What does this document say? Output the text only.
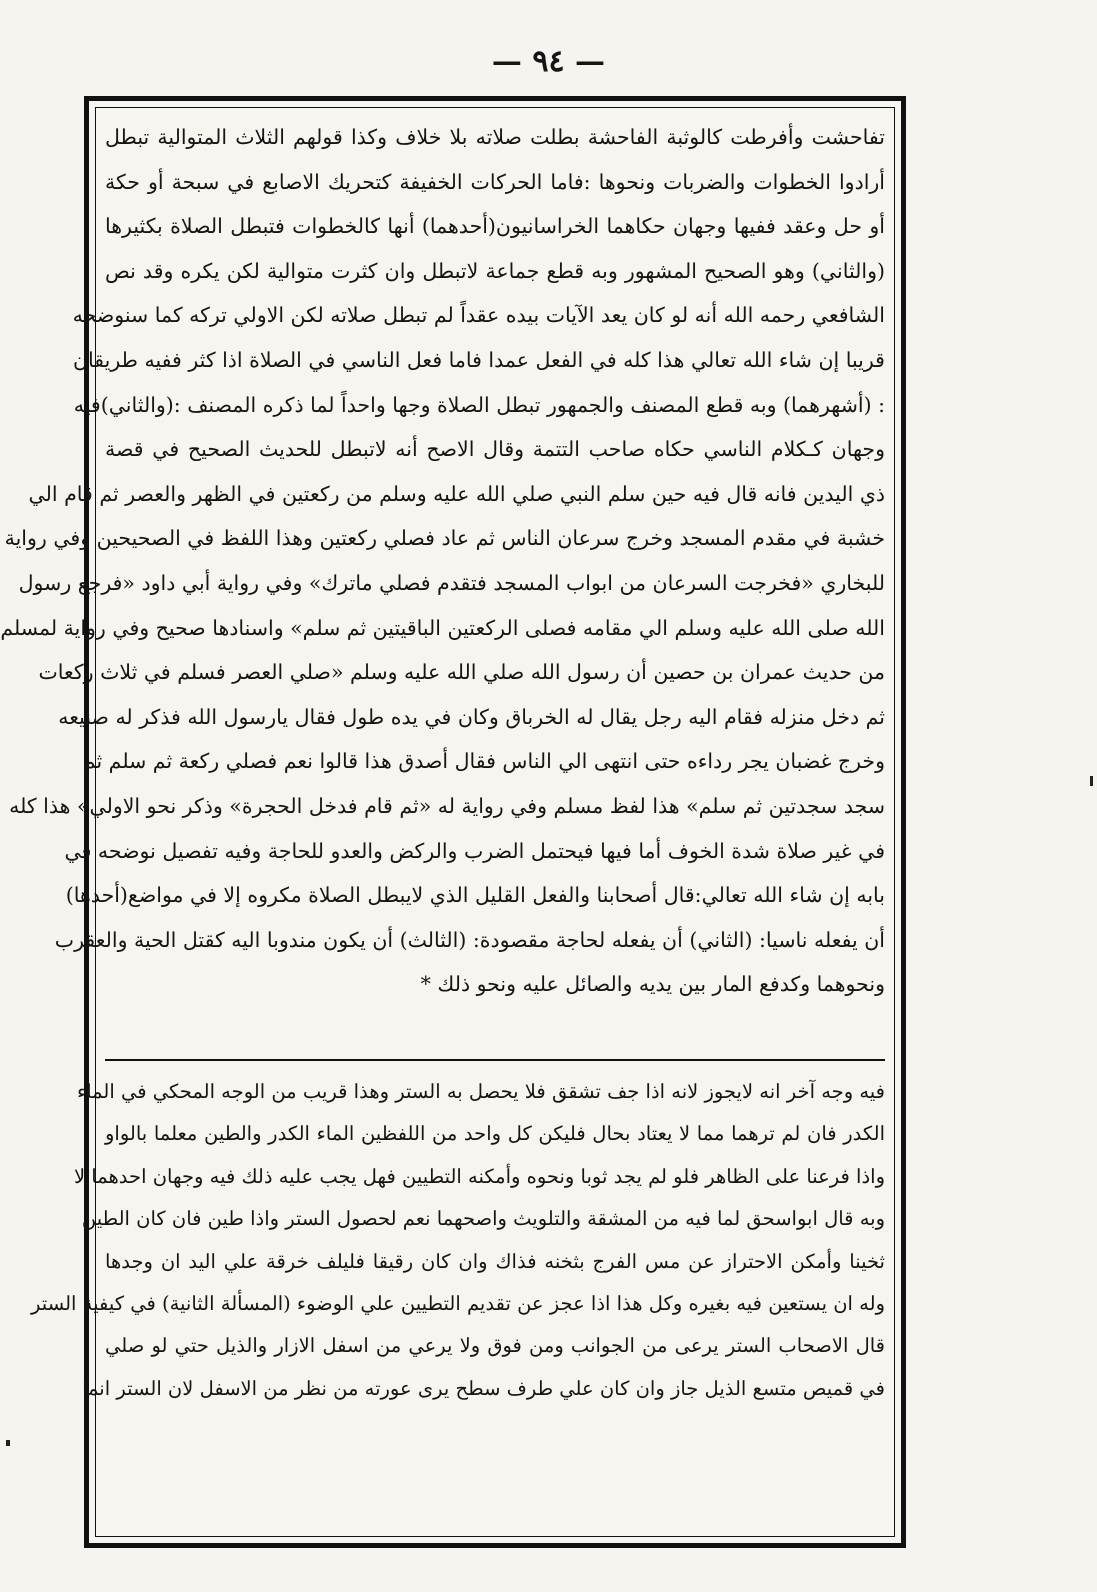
— ٩٤ —
تفاحشت وأفرطت كالوثبة الفاحشة بطلت صلاته بلا خلاف وكذا قولهم الثلاث المتوالية تبطل
أرادوا الخطوات والضربات ونحوها :فاما الحركات الخفيفة كتحريك الاصابع في سبحة أو حكة
أو حل وعقد ففيها وجهان حكاهما الخراسانيون(أحدهما) أنها كالخطوات فتبطل الصلاة بكثيرها
(والثاني) وهو الصحيح المشهور وبه قطع جماعة لاتبطل وان كثرت متوالية لكن يكره وقد نص
الشافعي رحمه الله أنه لو كان يعد الآيات بيده عقداً لم تبطل صلاته لكن الاولي تركه كما سنوضحه
قريبا إن شاء الله تعالي هذا كله في الفعل عمدا فاما فعل الناسي في الصلاة اذا كثر ففيه طريقان
: (أشهرهما) وبه قطع المصنف والجمهور تبطل الصلاة وجها واحداً لما ذكره المصنف :(والثاني)فيه
وجهان كـكلام الناسي حكاه صاحب التتمة وقال الاصح أنه لاتبطل للحديث الصحيح في قصة
ذي اليدين فانه قال فيه حين سلم النبي صلي الله عليه وسلم من ركعتين في الظهر والعصر ثم قام الي
خشبة في مقدم المسجد وخرج سرعان الناس ثم عاد فصلي ركعتين وهذا اللفظ في الصحيحين وفي رواية
للبخاري «فخرجت السرعان من ابواب المسجد فتقدم فصلي ماترك» وفي رواية أبي داود «فرجع رسول
الله صلى الله عليه وسلم الي مقامه فصلى الركعتين الباقيتين ثم سلم» واسنادها صحيح وفي رواية لمسلم
من حديث عمران بن حصين أن رسول الله صلي الله عليه وسلم «صلي العصر فسلم في ثلاث ركعات
ثم دخل منزله فقام اليه رجل يقال له الخرباق وكان في يده طول فقال يارسول الله فذكر له صنيعه
وخرج غضبان يجر رداءه حتى انتهى الي الناس فقال أصدق هذا قالوا نعم فصلي ركعة ثم سلم ثم
سجد سجدتين ثم سلم» هذا لفظ مسلم وفي رواية له «ثم قام فدخل الحجرة» وذكر نحو الاولي» هذا كله
في غير صلاة شدة الخوف أما فيها فيحتمل الضرب والركض والعدو للحاجة وفيه تفصيل نوضحه في
بابه إن شاء الله تعالي:قال أصحابنا والفعل القليل الذي لايبطل الصلاة مكروه إلا في مواضع(أحدها)
أن يفعله ناسيا: (الثاني) أن يفعله لحاجة مقصودة: (الثالث) أن يكون مندوبا اليه كقتل الحية والعقرب
ونحوهما وكدفع المار بين يديه والصائل عليه ونحو ذلك *
فيه وجه آخر انه لايجوز لانه اذا جف تشقق فلا يحصل به الستر وهذا قريب من الوجه المحكي في الماء
الكدر فان لم ترهما مما لا يعتاد بحال فليكن كل واحد من اللفظين الماء الكدر والطين معلما بالواو
واذا فرعنا على الظاهر فلو لم يجد ثوبا ونحوه وأمكنه التطيين فهل يجب عليه ذلك فيه وجهان احدهما لا
وبه قال ابواسحق لما فيه من المشقة والتلويث واصحهما نعم لحصول الستر واذا طين فان كان الطين
ثخينا وأمكن الاحتراز عن مس الفرج بثخنه فذاك وان كان رقيقا فليلف خرقة علي اليد ان وجدها
وله ان يستعين فيه بغيره وكل هذا اذا عجز عن تقديم التطيين علي الوضوء (المسألة الثانية) في كيفية الستر
قال الاصحاب الستر يرعى من الجوانب ومن فوق ولا يرعي من اسفل الازار والذيل حتي لو صلي
في قميص متسع الذيل جاز وان كان علي طرف سطح يرى عورته من نظر من الاسفل لان الستر انما
